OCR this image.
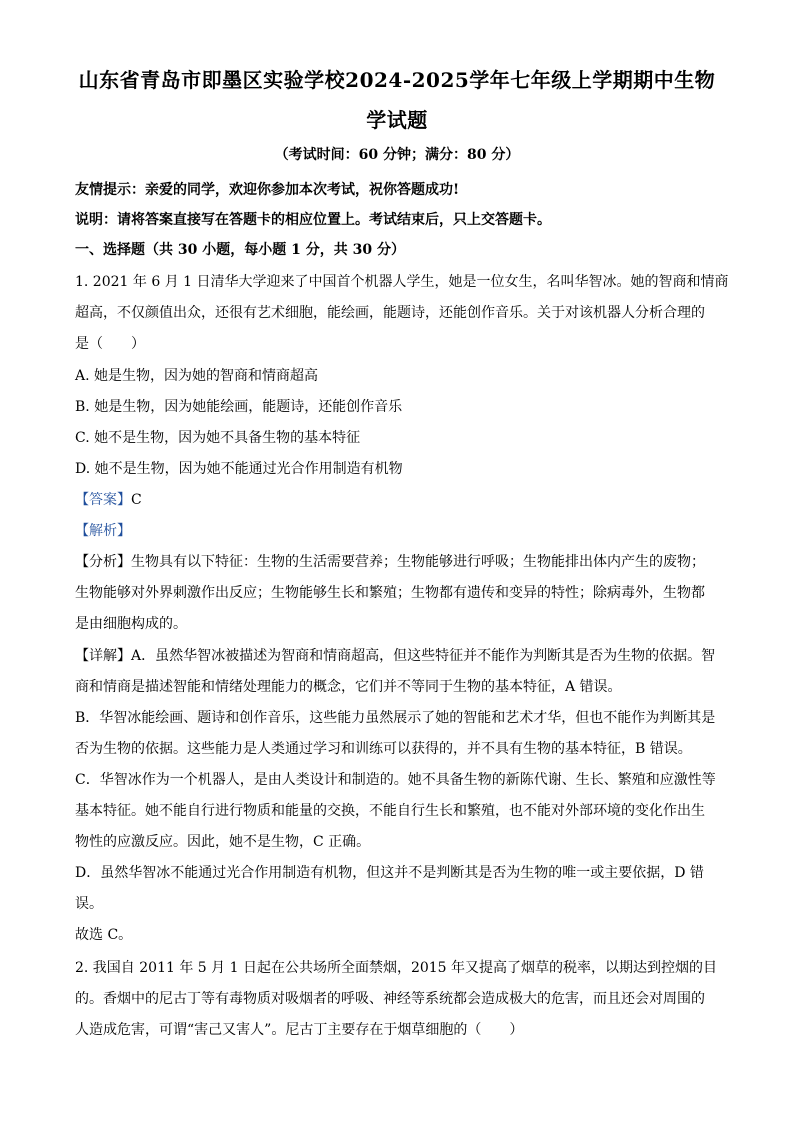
山东省青岛市即墨区实验学校2024-2025学年七年级上学期期中生物
学试题
（考试时间：60 分钟；满分：80 分）
友情提示：亲爱的同学，欢迎你参加本次考试，祝你答题成功!
说明：请将答案直接写在答题卡的相应位置上。考试结束后，只上交答题卡。
一、选择题（共 30 小题，每小题 1 分，共 30 分）
1. 2021 年 6 月 1 日清华大学迎来了中国首个机器人学生，她是一位女生，名叫华智冰。她的智商和情商
超高，不仅颜值出众，还很有艺术细胞，能绘画，能题诗，还能创作音乐。关于对该机器人分析合理的
是（　　）
A. 她是生物，因为她的智商和情商超高
B. 她是生物，因为她能绘画，能题诗，还能创作音乐
C. 她不是生物，因为她不具备生物的基本特征
D. 她不是生物，因为她不能通过光合作用制造有机物
【答案】C
【解析】
【分析】生物具有以下特征：生物的生活需要营养；生物能够进行呼吸；生物能排出体内产生的废物；
生物能够对外界刺激作出反应；生物能够生长和繁殖；生物都有遗传和变异的特性；除病毒外，生物都
是由细胞构成的。
【详解】A．虽然华智冰被描述为智商和情商超高，但这些特征并不能作为判断其是否为生物的依据。智
商和情商是描述智能和情绪处理能力的概念，它们并不等同于生物的基本特征，A 错误。
B．华智冰能绘画、题诗和创作音乐，这些能力虽然展示了她的智能和艺术才华，但也不能作为判断其是
否为生物的依据。这些能力是人类通过学习和训练可以获得的，并不具有生物的基本特征，B 错误。
C．华智冰作为一个机器人，是由人类设计和制造的。她不具备生物的新陈代谢、生长、繁殖和应激性等
基本特征。她不能自行进行物质和能量的交换，不能自行生长和繁殖，也不能对外部环境的变化作出生
物性的应激反应。因此，她不是生物，C 正确。
D．虽然华智冰不能通过光合作用制造有机物，但这并不是判断其是否为生物的唯一或主要依据，D 错
误。
故选 C。
2. 我国自 2011 年 5 月 1 日起在公共场所全面禁烟，2015 年又提高了烟草的税率，以期达到控烟的目
的。香烟中的尼古丁等有毒物质对吸烟者的呼吸、神经等系统都会造成极大的危害，而且还会对周围的
人造成危害，可谓“害己又害人”。尼古丁主要存在于烟草细胞的（　　）
